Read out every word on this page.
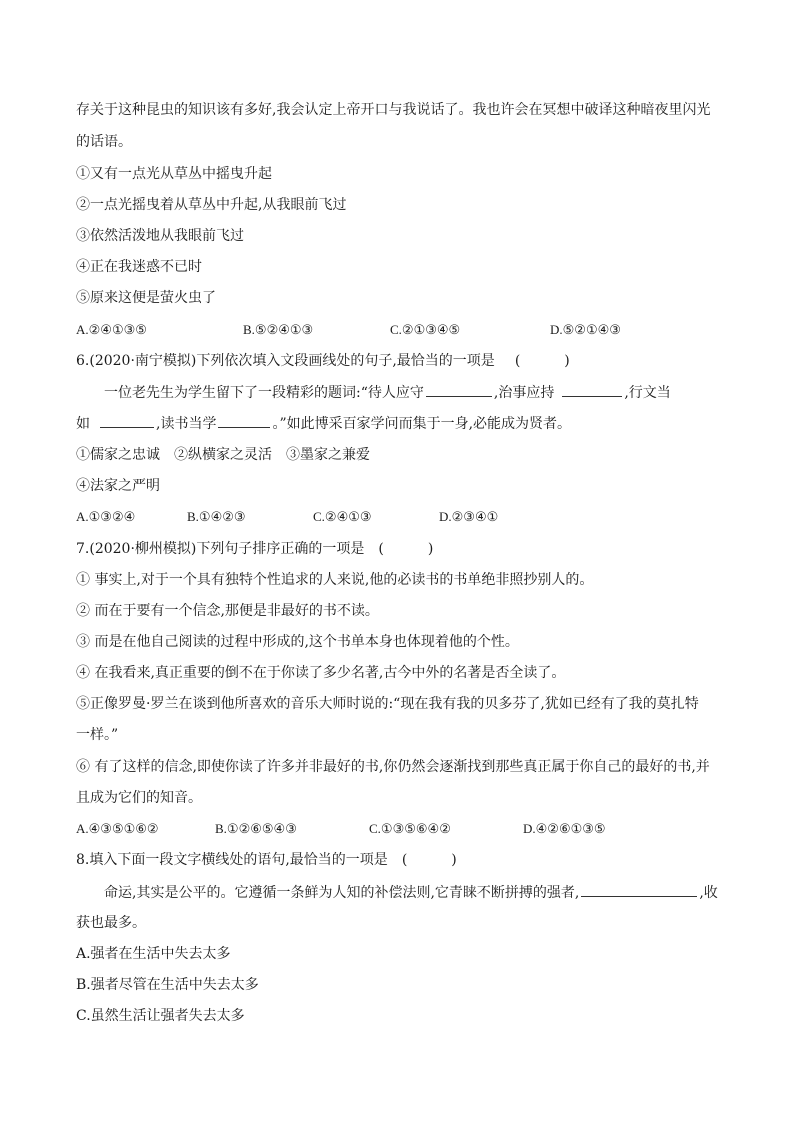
存关于这种昆虫的知识该有多好,我会认定上帝开口与我说话了。我也许会在冥想中破译这种暗夜里闪光
的话语。
①又有一点光从草丛中摇曳升起
②一点光摇曳着从草丛中升起,从我眼前飞过
③依然活泼地从我眼前飞过
④正在我迷惑不已时
⑤原来这便是萤火虫了
A.②④①③⑤	B.⑤②④①③	C.②①③④⑤	D.⑤②①④③
6.(2020·南宁模拟)下列依次填入文段画线处的句子,最恰当的一项是 (	)
一位老先生为学生留下了一段精彩的题词:“待人应守	,治事应持	,行文当
如	,读书当学	。”如此博采百家学问而集于一身,必能成为贤者。
①儒家之忠诚　②纵横家之灵活　③墨家之兼爱
④法家之严明
A.①③②④	B.①④②③	C.②④①③	D.②③④①
7.(2020·柳州模拟)下列句子排序正确的一项是 (	)
① 事实上,对于一个具有独特个性追求的人来说,他的必读书的书单绝非照抄别人的。
② 而在于要有一个信念,那便是非最好的书不读。
③ 而是在他自己阅读的过程中形成的,这个书单本身也体现着他的个性。
④ 在我看来,真正重要的倒不在于你读了多少名著,古今中外的名著是否全读了。
⑤正像罗曼·罗兰在谈到他所喜欢的音乐大师时说的:“现在我有我的贝多芬了,犹如已经有了我的莫扎特
一样。”
⑥ 有了这样的信念,即使你读了许多并非最好的书,你仍然会逐渐找到那些真正属于你自己的最好的书,并
且成为它们的知音。
A.④③⑤①⑥②	B.①②⑥⑤④③	C.①③⑤⑥④②	D.④②⑥①③⑤
8.填入下面一段文字横线处的语句,最恰当的一项是 (	)
命运,其实是公平的。它遵循一条鲜为人知的补偿法则,它青睐不断拼搏的强者,	,收
获也最多。
A.强者在生活中失去太多
B.强者尽管在生活中失去太多
C.虽然生活让强者失去太多
